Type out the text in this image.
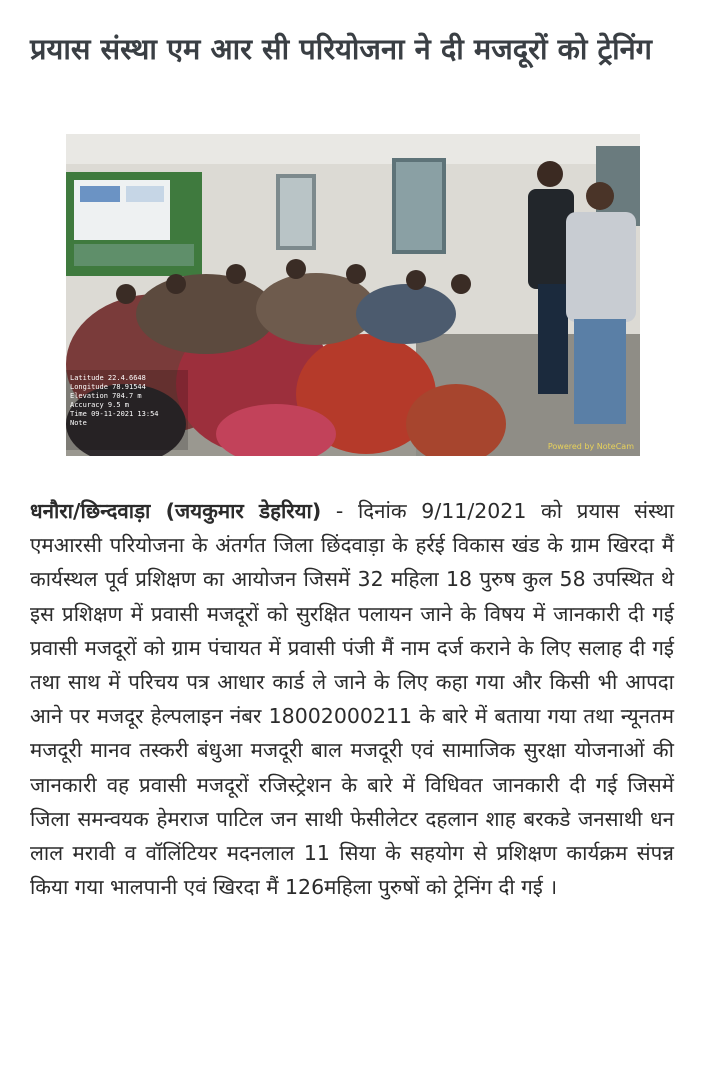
प्रयास संस्था एम आर सी परियोजना ने दी मजदूरों को ट्रेनिंग
Latitude 22.4.6648
Longitude 78.91544
Elevation 704.7 m
Accuracy 9.5 m
Time 09-11-2021 13:54
Note
Powered by NoteCam

धनौरा/छिन्दवाड़ा (जयकुमार डेहरिया) - दिनांक 9/11/2021 को प्रयास संस्था एमआरसी परियोजना के अंतर्गत जिला छिंदवाड़ा के हर्रई विकास खंड के ग्राम खिरदा मैं कार्यस्थल पूर्व प्रशिक्षण का आयोजन जिसमें 32 महिला 18 पुरुष कुल 58 उपस्थित थे इस प्रशिक्षण में प्रवासी मजदूरों को सुरक्षित पलायन जाने के विषय में जानकारी दी गई प्रवासी मजदूरों को ग्राम पंचायत में प्रवासी पंजी मैं नाम दर्ज कराने के लिए सलाह दी गई तथा साथ में परिचय पत्र आधार कार्ड ले जाने के लिए कहा गया और किसी भी आपदा आने पर मजदूर हेल्पलाइन नंबर 18002000211 के बारे में बताया गया तथा न्यूनतम मजदूरी मानव तस्करी बंधुआ मजदूरी बाल मजदूरी एवं सामाजिक सुरक्षा योजनाओं की जानकारी वह प्रवासी मजदूरों रजिस्ट्रेशन के बारे में विधिवत जानकारी दी गई जिसमें जिला समन्वयक हेमराज पाटिल जन साथी फेसीलेटर दहलान शाह बरकडे जनसाथी धन लाल मरावी व वॉलिंटियर मदनलाल 11 सिया के सहयोग से प्रशिक्षण कार्यक्रम संपन्न किया गया भालपानी एवं खिरदा मैं 126महिला पुरुषों को ट्रेनिंग दी गई ।
